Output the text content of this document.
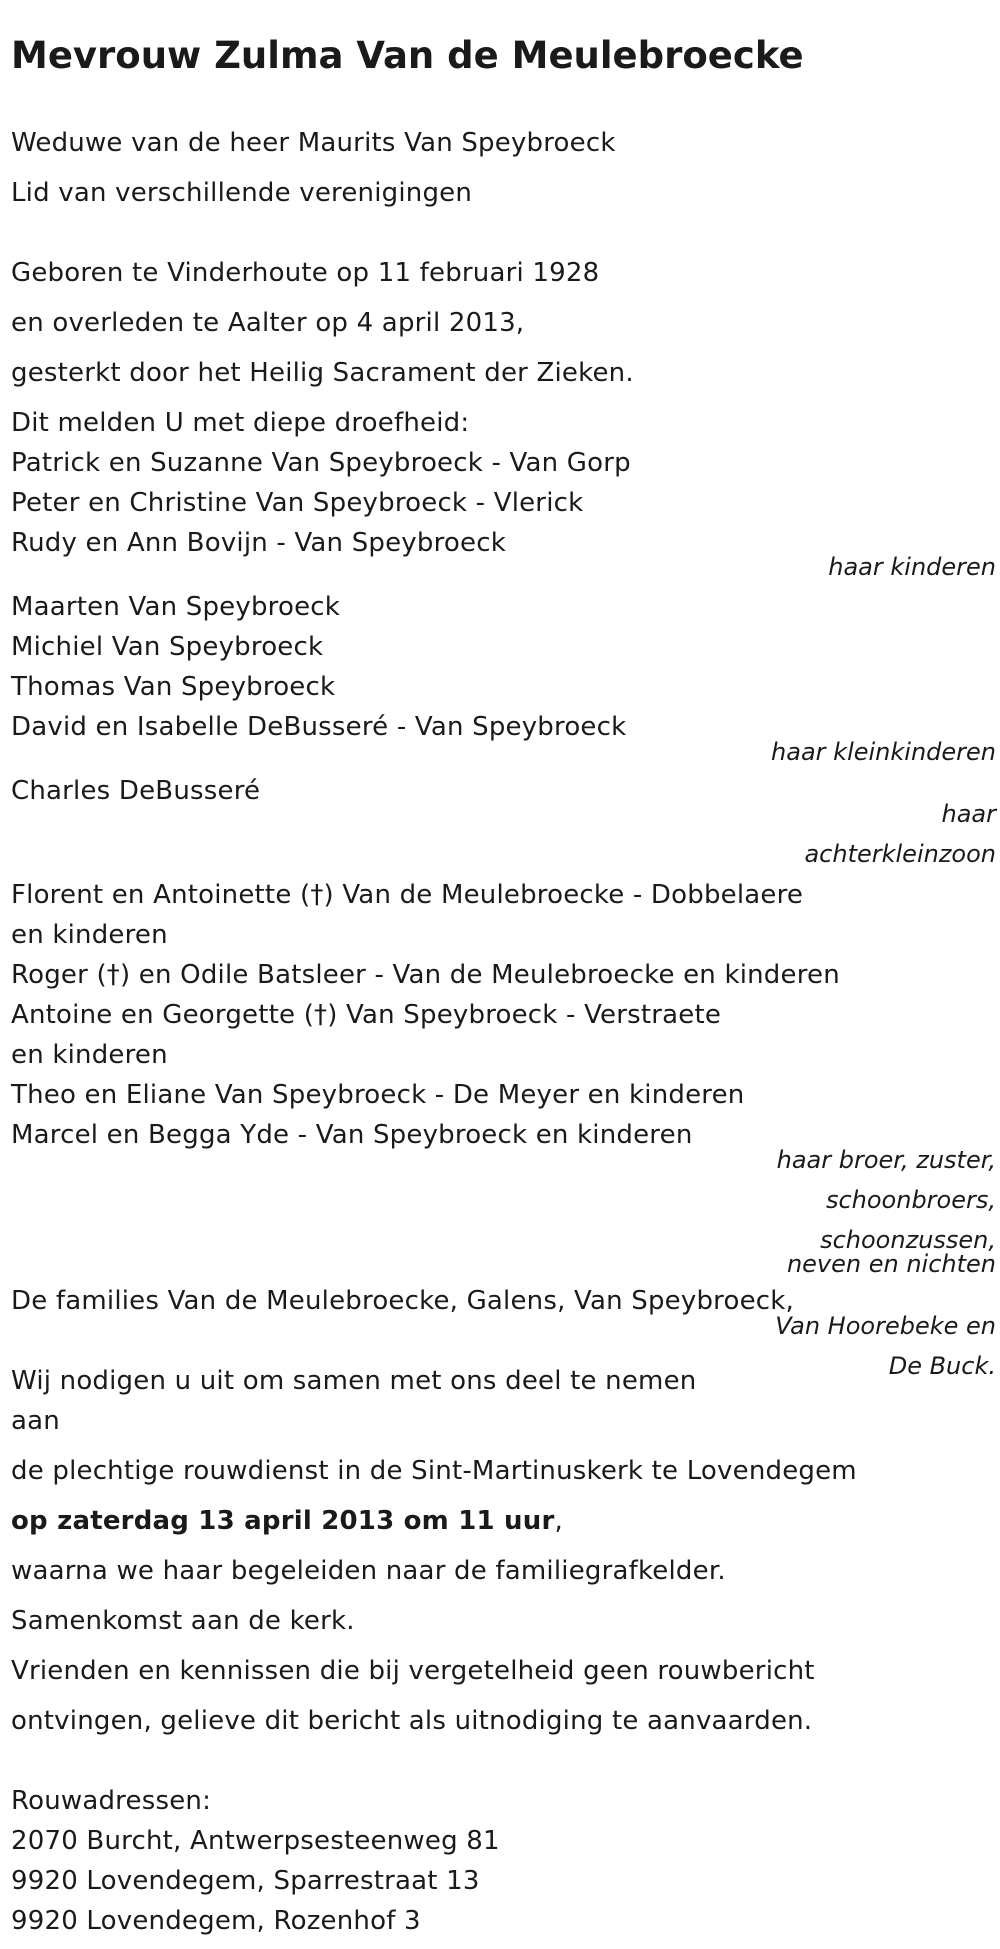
Mevrouw Zulma Van de Meulebroecke
Weduwe van de heer Maurits Van Speybroeck
Lid van verschillende verenigingen
Geboren te Vinderhoute op 11 februari 1928
en overleden te Aalter op 4 april 2013,
gesterkt door het Heilig Sacrament der Zieken.
Dit melden U met diepe droefheid:
Patrick en Suzanne Van Speybroeck - Van Gorp
Peter en Christine Van Speybroeck - Vlerick
Rudy en Ann Bovijn - Van Speybroeck
haar kinderen
Maarten Van Speybroeck
Michiel Van Speybroeck
Thomas Van Speybroeck
David en Isabelle DeBusseré - Van Speybroeck
haar kleinkinderen
Charles DeBusseré
haar
achterkleinzoon
Florent en Antoinette (†) Van de Meulebroecke - Dobbelaere
en kinderen
Roger (†) en Odile Batsleer - Van de Meulebroecke en kinderen
Antoine en Georgette (†) Van Speybroeck - Verstraete
en kinderen
Theo en Eliane Van Speybroeck - De Meyer en kinderen
Marcel en Begga Yde - Van Speybroeck en kinderen
haar broer, zuster,
schoonbroers,
schoonzussen,
neven en nichten
De families Van de Meulebroecke, Galens, Van Speybroeck,
Van Hoorebeke en
De Buck.
Wij nodigen u uit om samen met ons deel te nemen
aan
de plechtige rouwdienst in de Sint-Martinuskerk te Lovendegem
op zaterdag 13 april 2013 om 11 uur,
waarna we haar begeleiden naar de familiegrafkelder.
Samenkomst aan de kerk.
Vrienden en kennissen die bij vergetelheid geen rouwbericht
ontvingen, gelieve dit bericht als uitnodiging te aanvaarden.
Rouwadressen:
2070 Burcht, Antwerpsesteenweg 81
9920 Lovendegem, Sparrestraat 13
9920 Lovendegem, Rozenhof 3
